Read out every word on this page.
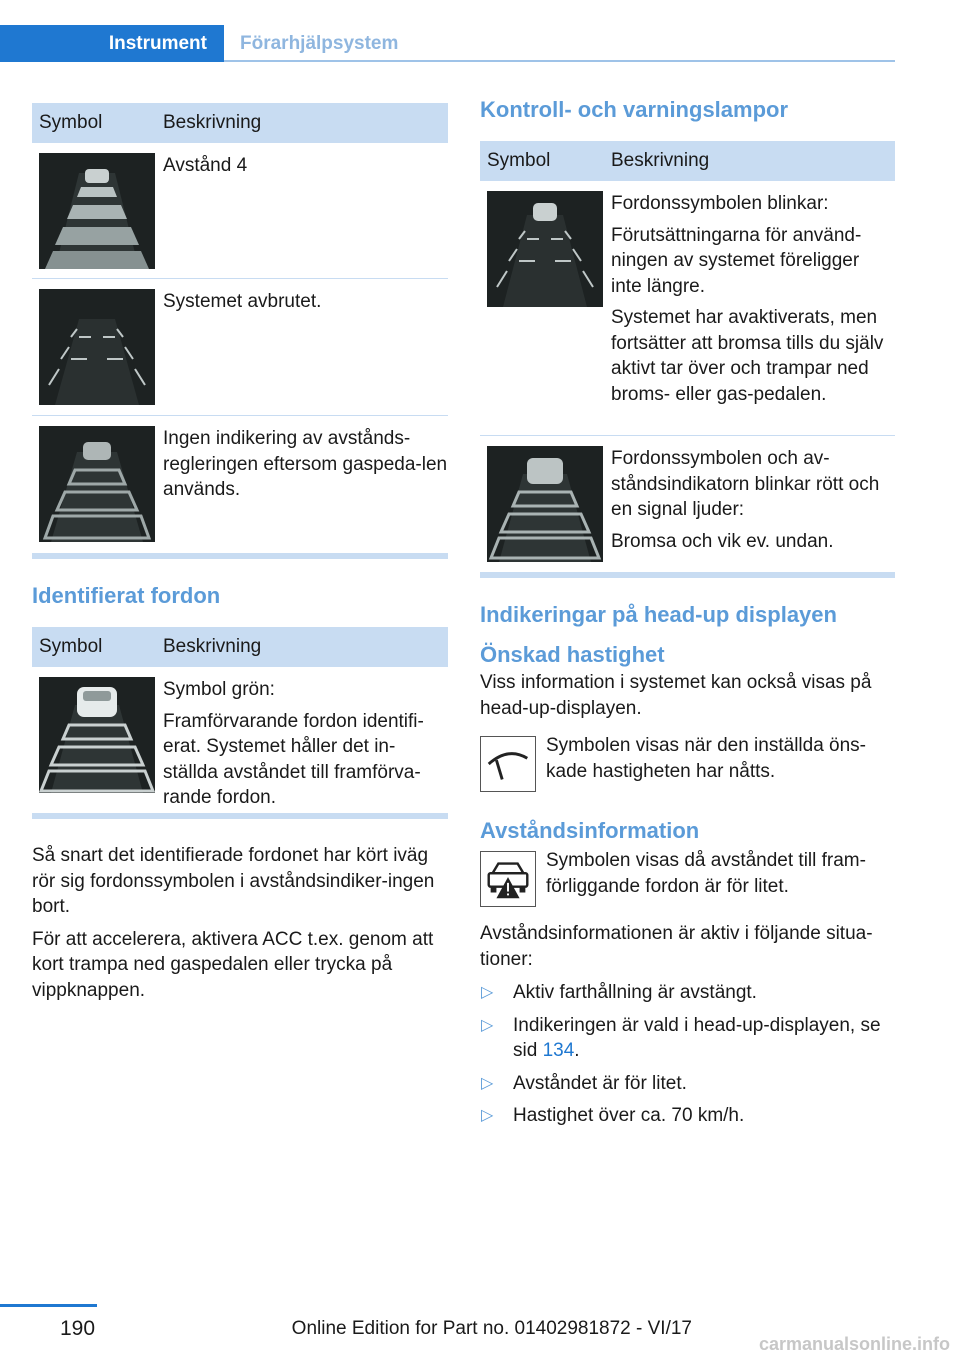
Instrument	Förarhjälpsystem
Symbol	Beskrivning

Avstånd 4

Systemet avbrutet.

Ingen indikering av avstånds-regleringen eftersom gaspeda-len används.

Identifierat fordon
Symbol	Beskrivning

Symbol grön:

Framförvarande fordon identifi-erat. Systemet håller det in-ställda avståndet till framförva-rande fordon.

Så snart det identifierade fordonet har kört iväg rör sig fordonssymbolen i avståndsindiker-ingen bort.

För att accelerera, aktivera ACC t.ex. genom att kort trampa ned gaspedalen eller trycka på vippknappen.

Kontroll- och varningslampor
Symbol	Beskrivning

Fordonssymbolen blinkar:

Förutsättningarna för använd-ningen av systemet föreligger inte längre.

Systemet har avaktiverats, men fortsätter att bromsa tills du själv aktivt tar över och trampar ned broms- eller gas-pedalen.

Fordonssymbolen och av-ståndsindikatorn blinkar rött och en signal ljuder:

Bromsa och vik ev. undan.

Indikeringar på head-up displayen
Önskad hastighet

Viss information i systemet kan också visas på head-up-displayen.

Symbolen visas när den inställda öns-kade hastigheten har nåtts.

Avståndsinformation

Symbolen visas då avståndet till fram-förliggande fordon är för litet.

Avståndsinformationen är aktiv i följande situa-tioner:

▷	Aktiv farthållning är avstängt.
▷	Indikeringen är vald i head-up-displayen, se sid 134.
▷	Avståndet är för litet.
▷	Hastighet över ca. 70 km/h.
190	Online Edition for Part no. 01402981872 - VI/17
carmanualsonline.info
